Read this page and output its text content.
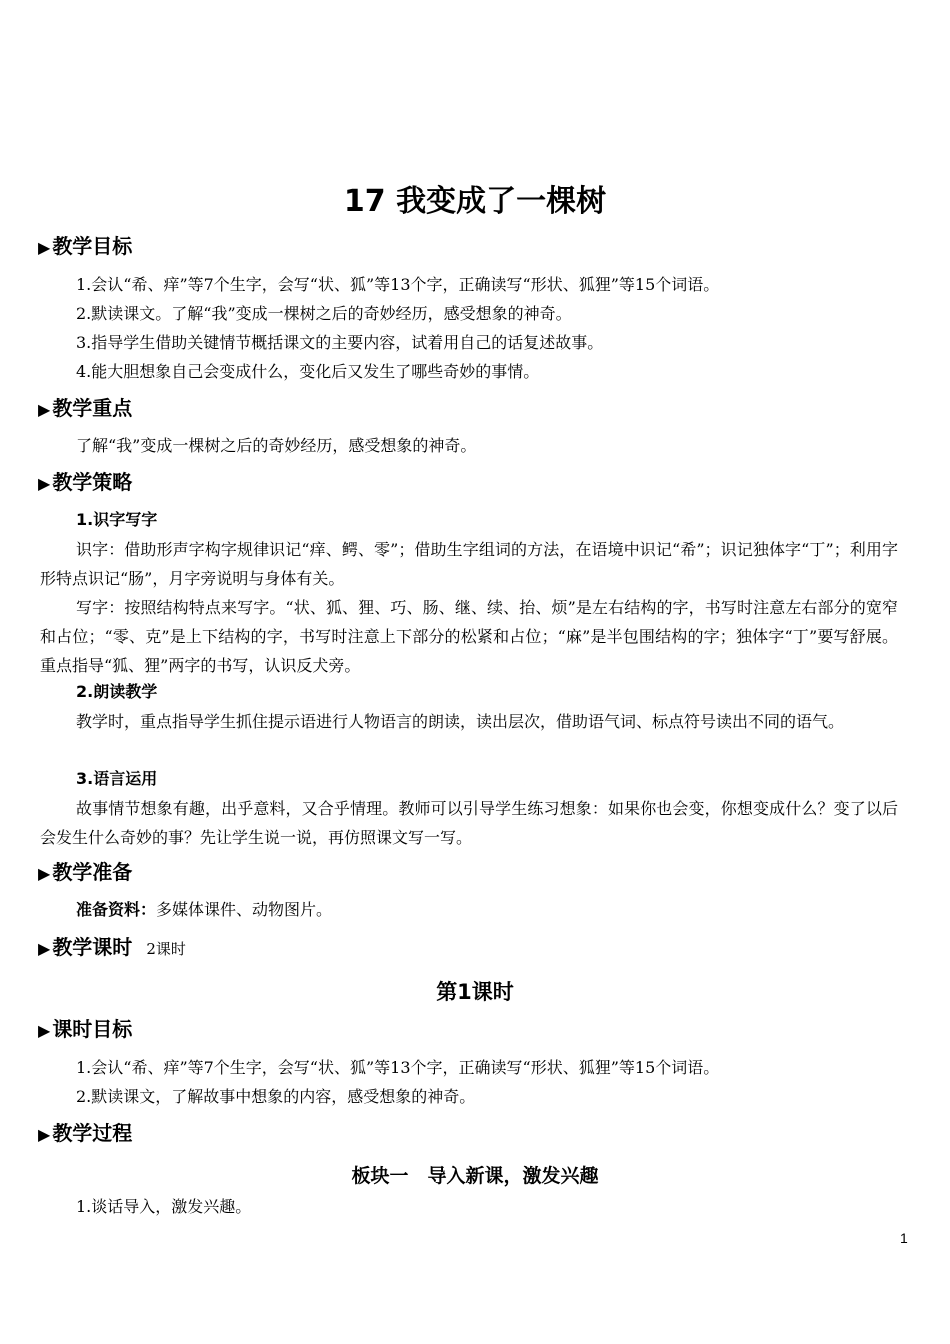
17 我变成了一棵树
▶ 教学目标
1.会认“希、痒”等7个生字，会写“状、狐”等13个字，正确读写“形状、狐狸”等15个词语。
2.默读课文。了解“我”变成一棵树之后的奇妙经历，感受想象的神奇。
3.指导学生借助关键情节概括课文的主要内容，试着用自己的话复述故事。
4.能大胆想象自己会变成什么，变化后又发生了哪些奇妙的事情。
▶ 教学重点
了解“我”变成一棵树之后的奇妙经历，感受想象的神奇。
▶ 教学策略
1.识字写字
识字：借助形声字构字规律识记“痒、鳄、零”；借助生字组词的方法，在语境中识记“希”；识记独体字“丁”；利用字形特点识记“肠”，月字旁说明与身体有关。
写字：按照结构特点来写字。“状、狐、狸、巧、肠、继、续、抬、烦”是左右结构的字，书写时注意左右部分的宽窄和占位；“零、克”是上下结构的字，书写时注意上下部分的松紧和占位；“麻”是半包围结构的字；独体字“丁”要写舒展。重点指导“狐、狸”两字的书写，认识反犬旁。
2.朗读教学
教学时，重点指导学生抓住提示语进行人物语言的朗读，读出层次，借助语气词、标点符号读出不同的语气。
3.语言运用
故事情节想象有趣，出乎意料，又合乎情理。教师可以引导学生练习想象：如果你也会变，你想变成什么？变了以后会发生什么奇妙的事？先让学生说一说，再仿照课文写一写。
▶ 教学准备
准备资料：多媒体课件、动物图片。
▶ 教学课时 2课时
第1课时
▶ 课时目标
1.会认“希、痒”等7个生字，会写“状、狐”等13个字，正确读写“形状、狐狸”等15个词语。
2.默读课文，了解故事中想象的内容，感受想象的神奇。
▶ 教学过程
板块一　导入新课，激发兴趣
1.谈话导入，激发兴趣。
1
